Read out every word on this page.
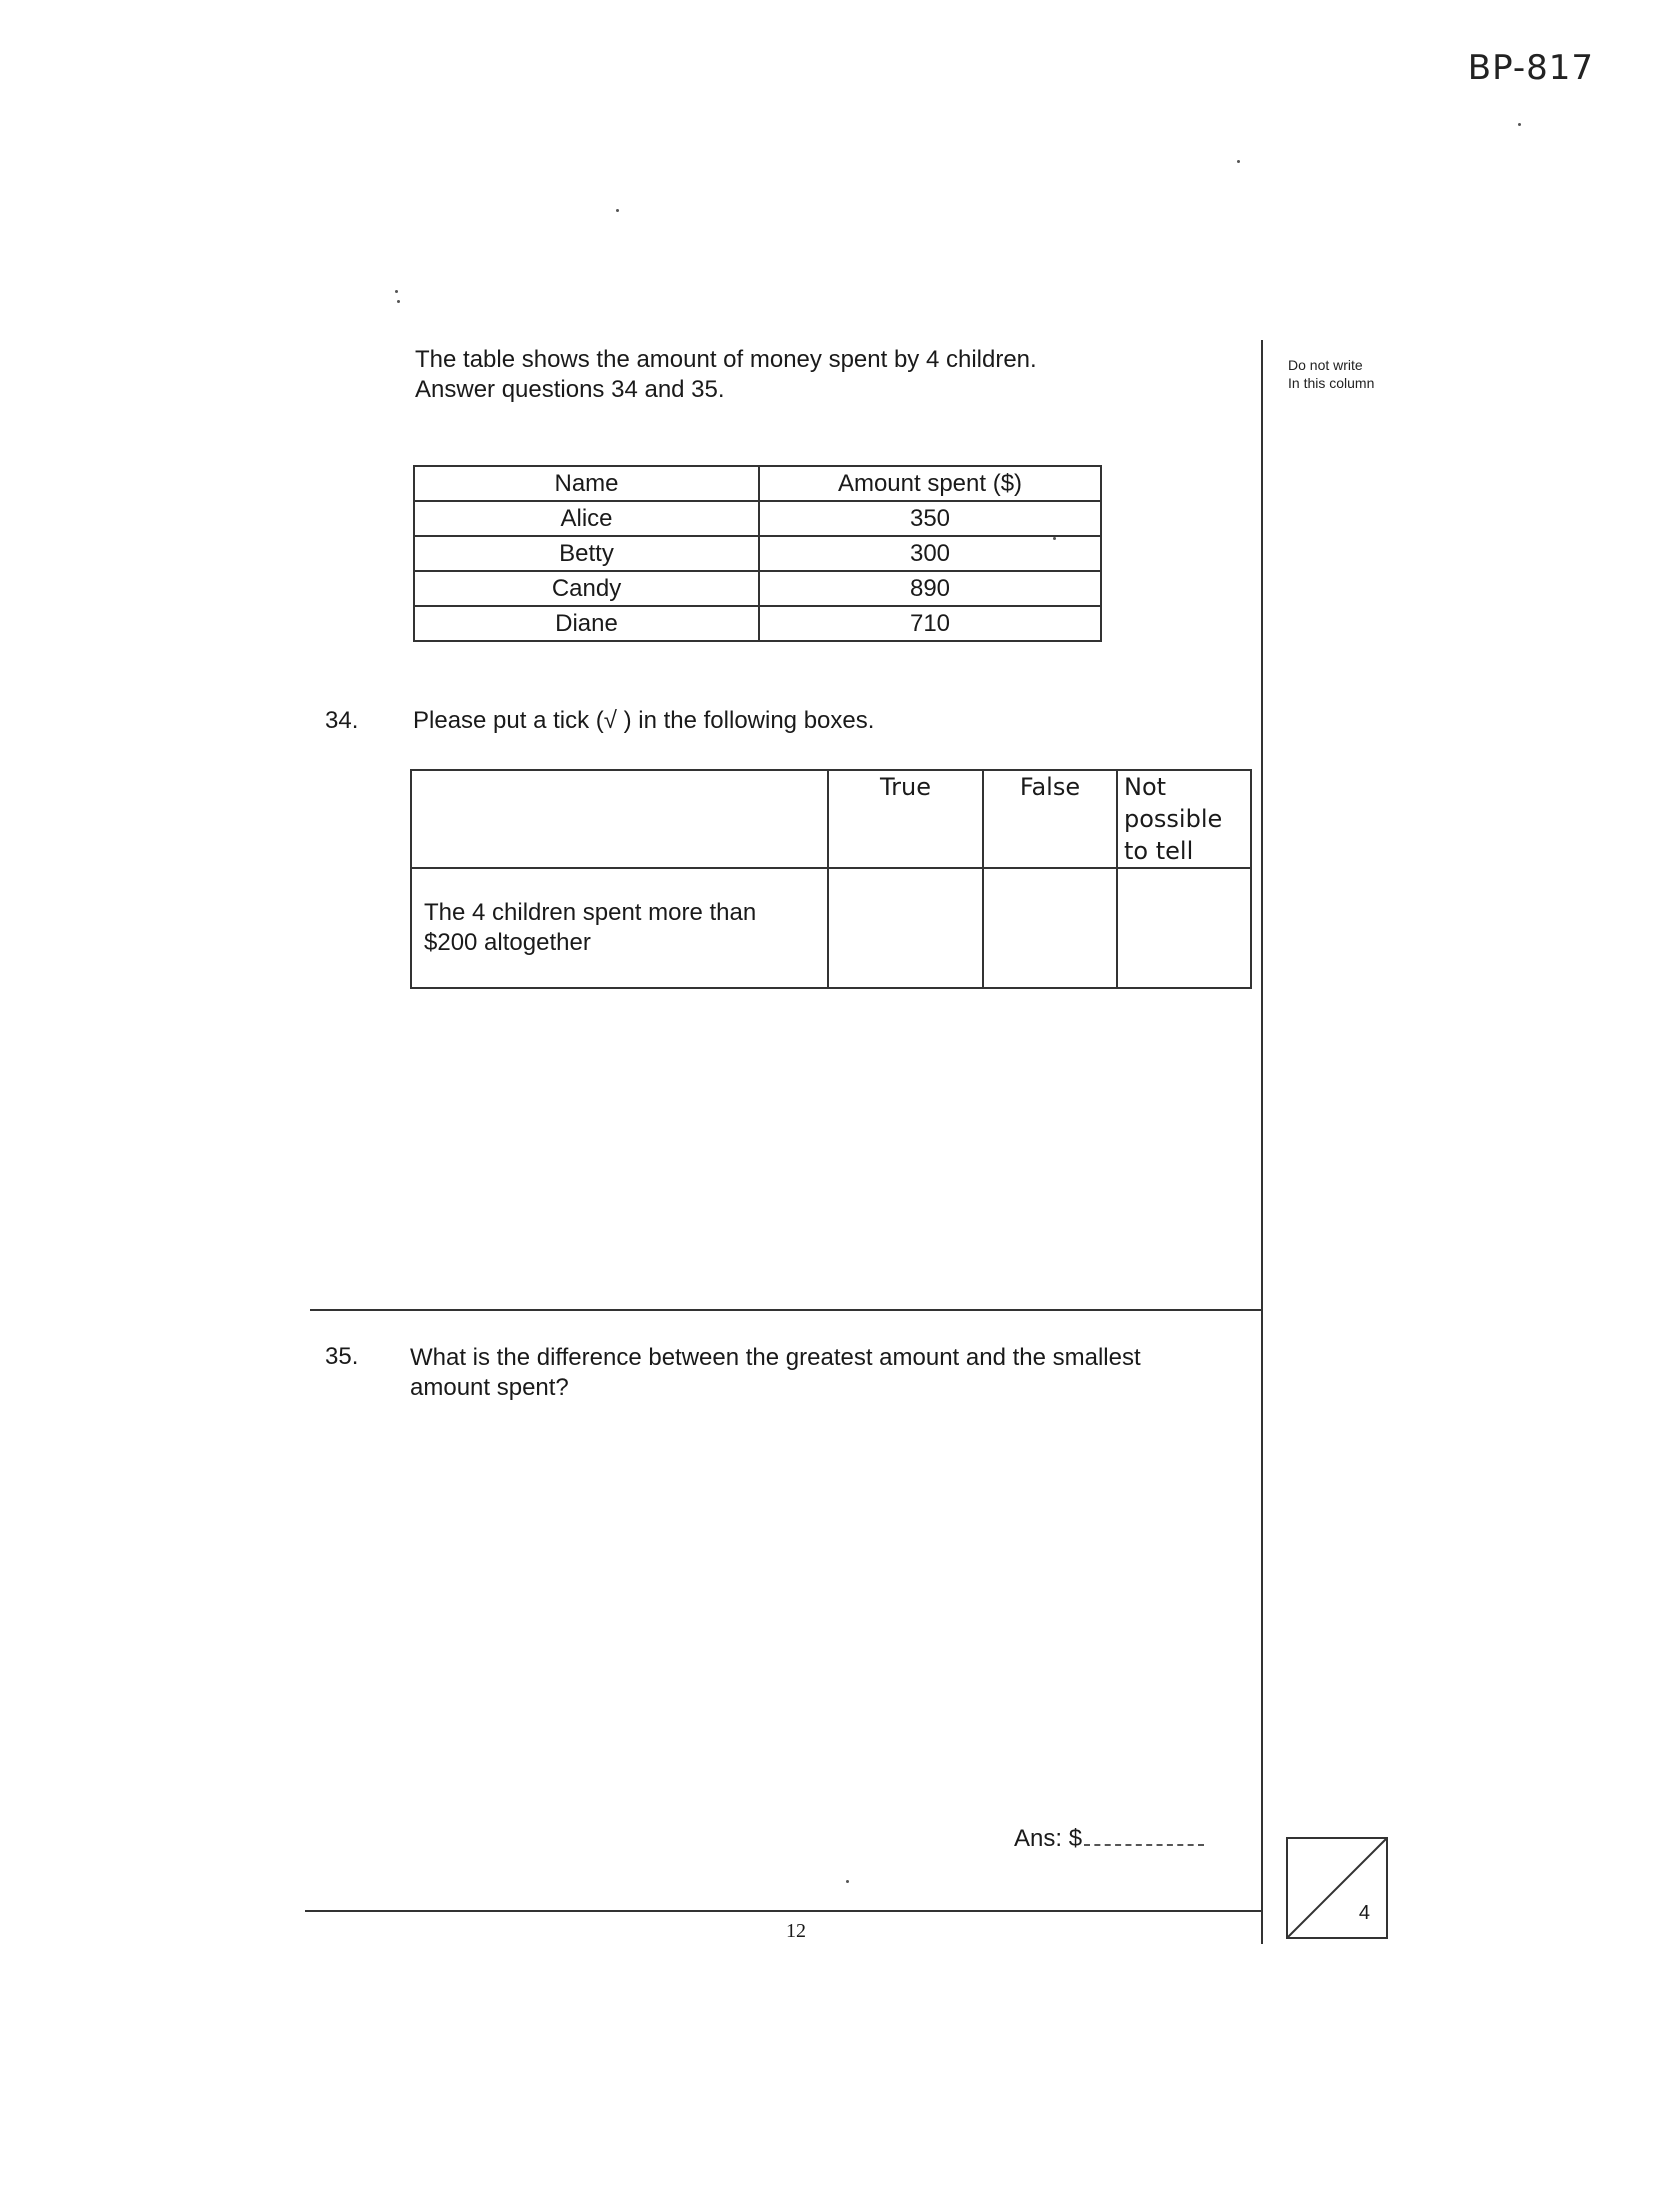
BP-817
Do not write
In this column
The table shows the amount of money spent by 4 children.
Answer questions 34 and 35.
Name	Amount spent ($)
Alice	350
Betty	300
Candy	890
Diane	710
34. Please put a tick (√ ) in the following boxes.
	True	False	Not
possible
to tell

The 4 children spent more than
$200 altogether			

35. What is the difference between the greatest amount and the smallest
amount spent?
Ans: $
12
4
